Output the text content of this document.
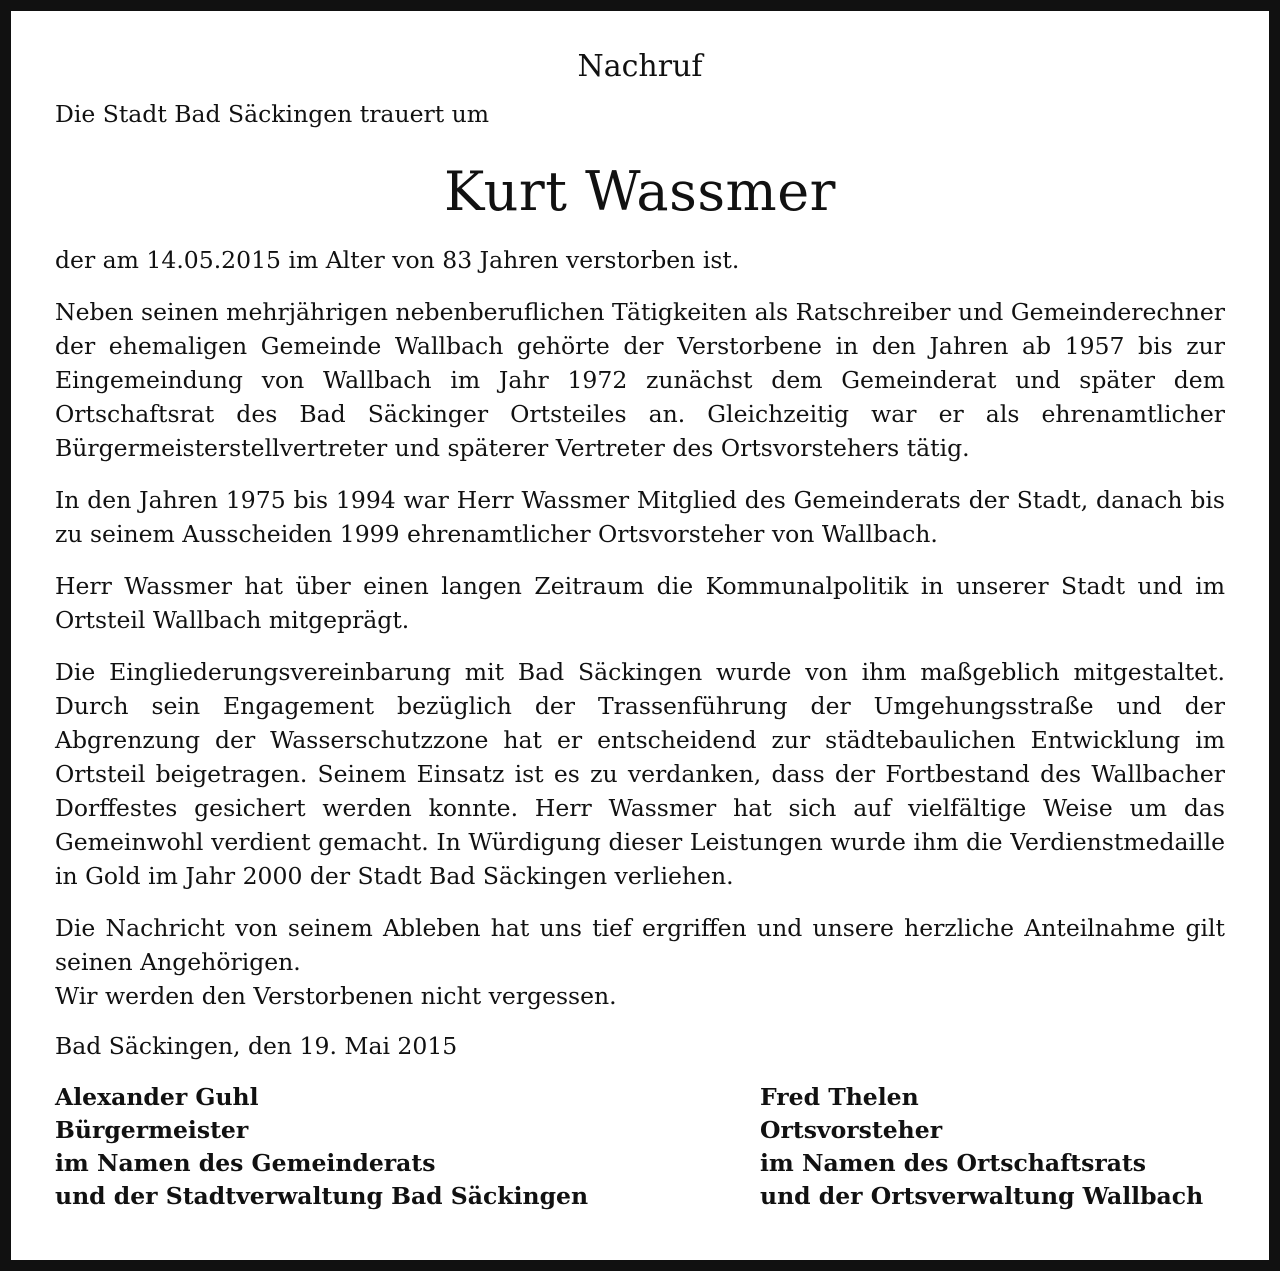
Nachruf

Die Stadt Bad Säckingen trauert um

Kurt Wassmer

der am 14.05.2015 im Alter von 83 Jahren verstorben ist.

Neben seinen mehrjährigen nebenberuflichen Tätigkeiten als Ratschreiber und Gemeinderechner der ehemaligen Gemeinde Wallbach gehörte der Verstorbene in den Jahren ab 1957 bis zur Eingemeindung von Wallbach im Jahr 1972 zunächst dem Gemeinderat und später dem Ortschaftsrat des Bad Säckinger Ortsteiles an. Gleichzeitig war er als ehrenamtlicher Bürgermeisterstellvertreter und späterer Vertreter des Ortsvorstehers tätig.

In den Jahren 1975 bis 1994 war Herr Wassmer Mitglied des Gemeinderats der Stadt, danach bis zu seinem Ausscheiden 1999 ehrenamtlicher Ortsvorsteher von Wallbach.

Herr Wassmer hat über einen langen Zeitraum die Kommunalpolitik in unserer Stadt und im Ortsteil Wallbach mitgeprägt.

Die Eingliederungsvereinbarung mit Bad Säckingen wurde von ihm maßgeblich mitgestaltet. Durch sein Engagement bezüglich der Trassenführung der Umgehungsstraße und der Abgrenzung der Wasserschutzzone hat er entscheidend zur städtebaulichen Entwicklung im Ortsteil beigetragen. Seinem Einsatz ist es zu verdanken, dass der Fortbestand des Wallbacher Dorffestes gesichert werden konnte. Herr Wassmer hat sich auf vielfältige Weise um das Gemeinwohl verdient gemacht. In Würdigung dieser Leistungen wurde ihm die Verdienstmedaille in Gold im Jahr 2000 der Stadt Bad Säckingen verliehen.

Die Nachricht von seinem Ableben hat uns tief ergriffen und unsere herzliche Anteilnahme gilt seinen Angehörigen.

Wir werden den Verstorbenen nicht vergessen.

Bad Säckingen, den 19. Mai 2015

Alexander Guhl
Bürgermeister
im Namen des Gemeinderats
und der Stadtverwaltung Bad Säckingen
Fred Thelen
Ortsvorsteher
im Namen des Ortschaftsrats
und der Ortsverwaltung Wallbach
